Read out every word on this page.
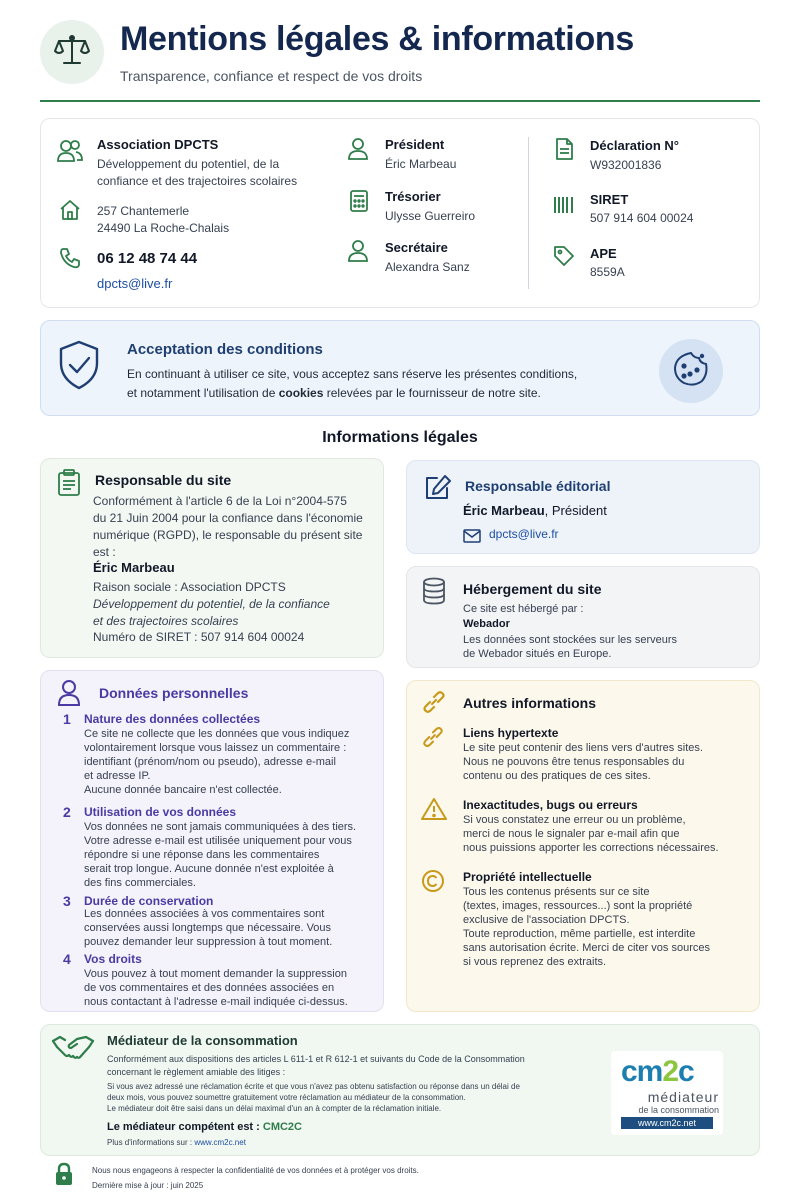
Mentions légales & informations
Transparence, confiance et respect de vos droits
Association DPCTS
Développement du potentiel, de la
confiance et des trajectoires scolaires
257 Chantemerle
24490 La Roche-Chalais
06 12 48 74 44
dpcts@live.fr
Président
Éric Marbeau
Trésorier
Ulysse Guerreiro
Secrétaire
Alexandra Sanz
Déclaration N°
W932001836
SIRET
507 914 604 00024
APE
8559A
Acceptation des conditions

En continuant à utiliser ce site, vous acceptez sans réserve les présentes conditions,
et notamment l'utilisation de cookies relevées par le fournisseur de notre site.

Informations légales
Responsable du site
Conformément à l'article 6 de la Loi n°2004-575
du 21 Juin 2004 pour la confiance dans l'économie
numérique (RGPD), le responsable du présent site
est :
Éric Marbeau
Raison sociale : Association DPCTS
Développement du potentiel, de la confiance
et des trajectoires scolaires
Numéro de SIRET : 507 914 604 00024
Responsable éditorial
Éric Marbeau, Président
dpcts@live.fr
Hébergement du site
Ce site est hébergé par :
Webador
Les données sont stockées sur les serveurs
de Webador situés en Europe.
Données personnelles
1 Nature des données collectées
Ce site ne collecte que les données que vous indiquez
volontairement lorsque vous laissez un commentaire :
identifiant (prénom/nom ou pseudo), adresse e-mail
et adresse IP.
Aucune donnée bancaire n'est collectée.
2 Utilisation de vos données
Vos données ne sont jamais communiquées à des tiers.
Votre adresse e-mail est utilisée uniquement pour vous
répondre si une réponse dans les commentaires
serait trop longue. Aucune donnée n'est exploitée à
des fins commerciales.
3 Durée de conservation
Les données associées à vos commentaires sont
conservées aussi longtemps que nécessaire. Vous
pouvez demander leur suppression à tout moment.
4 Vos droits
Vous pouvez à tout moment demander la suppression
de vos commentaires et des données associées en
nous contactant à l'adresse e-mail indiquée ci-dessus.
Autres informations
Liens hypertexte
Le site peut contenir des liens vers d'autres sites.
Nous ne pouvons être tenus responsables du
contenu ou des pratiques de ces sites.
Inexactitudes, bugs ou erreurs
Si vous constatez une erreur ou un problème,
merci de nous le signaler par e-mail afin que
nous puissions apporter les corrections nécessaires.
Propriété intellectuelle
Tous les contenus présents sur ce site
(textes, images, ressources...) sont la propriété
exclusive de l'association DPCTS.
Toute reproduction, même partielle, est interdite
sans autorisation écrite. Merci de citer vos sources
si vous reprenez des extraits.
Médiateur de la consommation
Conformément aux dispositions des articles L 611-1 et R 612-1 et suivants du Code de la Consommation
concernant le règlement amiable des litiges :
Si vous avez adressé une réclamation écrite et que vous n'avez pas obtenu satisfaction ou réponse dans un délai de
deux mois, vous pouvez soumettre gratuitement votre réclamation au médiateur de la consommation.
Le médiateur doit être saisi dans un délai maximal d'un an à compter de la réclamation initiale.
Le médiateur compétent est : CMC2C
Plus d'informations sur : www.cm2c.net
cm2c
médiateur
de la consommation
www.cm2c.net
Nous nous engageons à respecter la confidentialité de vos données et à protéger vos droits.
Dernière mise à jour : juin 2025
